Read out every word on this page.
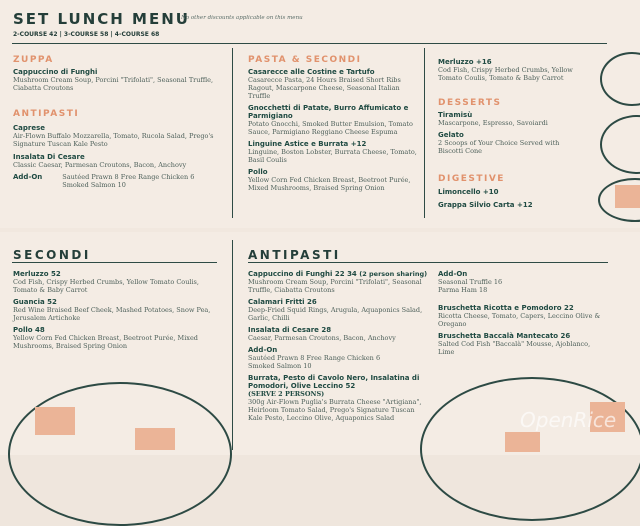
SET LUNCH MENU
No other discounts applicable on this menu
2-COURSE 42 | 3-COURSE 58 | 4-COURSE 68
ZUPPA
Cappuccino di Funghi
Mushroom Cream Soup, Porcini "Trifolati", Seasonal Truffle, Ciabatta Croutons
ANTIPASTI
Caprese
Air-Flown Buffalo Mozzarella, Tomato, Rucola Salad, Prego's Signature Tuscan Kale Pesto
Insalata Di Cesare
Classic Caesar, Parmesan Croutons, Bacon, Anchovy
Add-On	Sautéed Prawn 8 Free Range Chicken 6
Smoked Salmon 10
PASTA & SECONDI
Casarecce alle Costine e Tartufo
Casarecce Pasta, 24 Hours Braised Short Ribs Ragout, Mascarpone Cheese, Seasonal Italian Truffle
Gnocchetti di Patate, Burro Affumicato e Parmigiano
Potato Gnocchi, Smoked Butter Emulsion, Tomato Sauce, Parmigiano Reggiano Cheese Espuma
Linguine Astice e Burrata +12
Linguine, Boston Lobster, Burrata Cheese, Tomato, Basil Coulis
Pollo
Yellow Corn Fed Chicken Breast, Beetroot Purée, Mixed Mushrooms, Braised Spring Onion
Merluzzo +16
Cod Fish, Crispy Herbed Crumbs, Yellow Tomato Coulis, Tomato & Baby Carrot
DESSERTS
Tiramisù
Mascarpone, Espresso, Savoiardi
Gelato
2 Scoops of Your Choice Served with Biscotti Cone
DIGESTIVE
Limoncello +10
Grappa Silvio Carta +12
SECONDI
Merluzzo 52
Cod Fish, Crispy Herbed Crumbs, Yellow Tomato Coulis, Tomato & Baby Carrot
Guancia 52
Red Wine Braised Beef Cheek, Mashed Potatoes, Snow Pea, Jerusalem Artichoke
Pollo 48
Yellow Corn Fed Chicken Breast, Beetroot Purée, Mixed Mushrooms, Braised Spring Onion
ANTIPASTI
Cappuccino di Funghi 22 34 (2 person sharing)
Mushroom Cream Soup, Porcini "Trifolati", Seasonal Truffle, Ciabatta Croutons
Calamari Fritti 26
Deep-Fried Squid Rings, Arugula, Aquaponics Salad, Garlic, Chilli
Insalata di Cesare 28
Caesar, Parmesan Croutons, Bacon, Anchovy
Add-On
Sautéed Prawn 8 Free Range Chicken 6
Smoked Salmon 10
Burrata, Pesto di Cavolo Nero, Insalatina di Pomodori, Olive Leccino 52
(SERVE 2 PERSONS)
300g Air-Flown Puglia's Burrata Cheese "Artigiana", Heirloom Tomato Salad, Prego's Signature Tuscan Kale Pesto, Leccino Olive, Aquaponics Salad
Add-On
Seasonal Truffle 16
Parma Ham 18
Bruschetta Ricotta e Pomodoro 22
Ricotta Cheese, Tomato, Capers, Leccino Olive & Oregano
Bruschetta Baccalà Mantecato 26
Salted Cod Fish "Baccalà" Mousse, Ajoblanco, Lime
OpenRice
